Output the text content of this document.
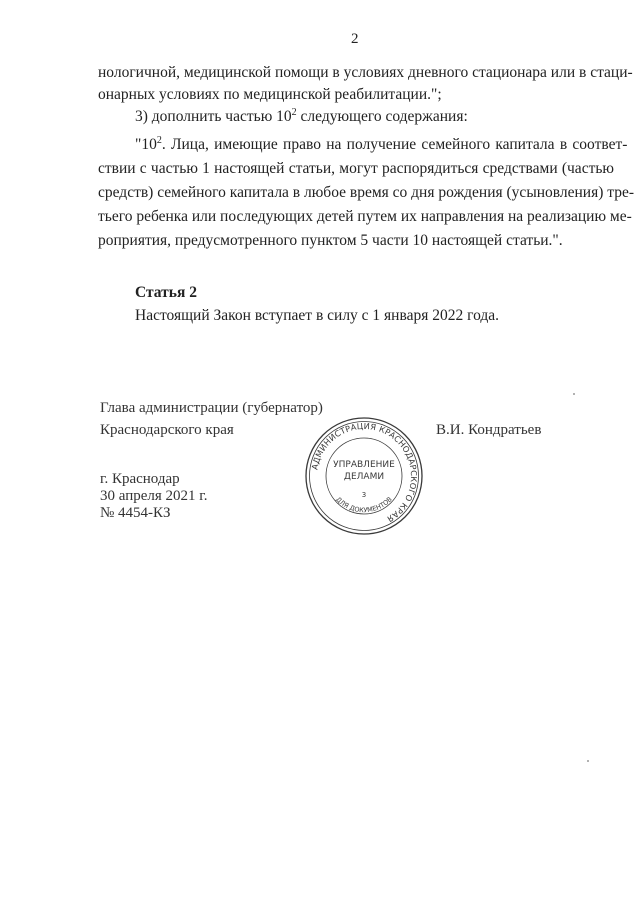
2
нологичной, медицинской помощи в условиях дневного стационара или в стаци-
онарных условиях по медицинской реабилитации.";
3) дополнить частью $10^2$ следующего содержания:
"$10^2$. Лица, имеющие право на получение семейного капитала в соответ-
ствии с частью 1 настоящей статьи, могут распорядиться средствами (частью
средств) семейного капитала в любое время со дня рождения (усыновления) тре-
тьего ребенка или последующих детей путем их направления на реализацию ме-
роприятия, предусмотренного пунктом 5 части 10 настоящей статьи.".
Статья 2
Настоящий Закон вступает в силу с 1 января 2022 года.
Глава администрации (губернатор)
Краснодарского края	В.И. Кондратьев
г. Краснодар
30 апреля 2021 г.
№ 4454-КЗ
АДМИНИСТРАЦИЯ КРАСНОДАРСКОГО КРАЯ
УПРАВЛЕНИЕ
ДЕЛАМИ
3
ДЛЯ ДОКУМЕНТОВ
